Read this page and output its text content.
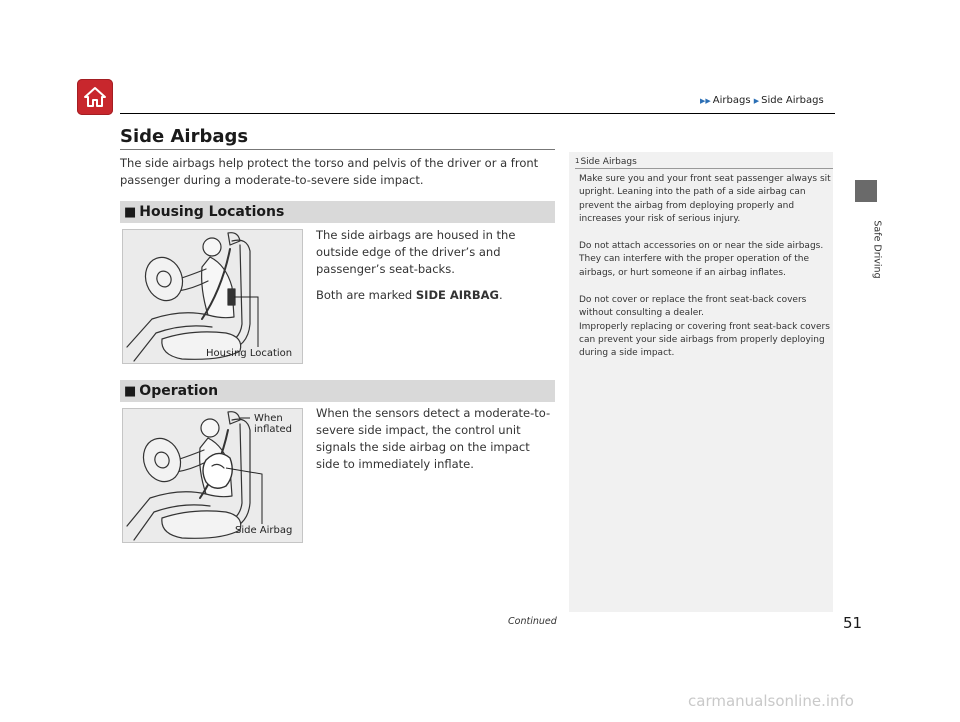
▶▶ Airbags ▶ Side Airbags
Side Airbags
The side airbags help protect the torso and pelvis of the driver or a front passenger during a moderate-to-severe side impact.
■ Housing Locations
Housing Location
The side airbags are housed in the outside edge of the driver’s and passenger’s seat-backs.
Both are marked SIDE AIRBAG.
■ Operation
When inflated
Side Airbag
When the sensors detect a moderate-to-severe side impact, the control unit signals the side airbag on the impact side to immediately inflate.
1Side Airbags
Make sure you and your front seat passenger always sit upright. Leaning into the path of a side airbag can prevent the airbag from deploying properly and increases your risk of serious injury.
Do not attach accessories on or near the side airbags. They can interfere with the proper operation of the airbags, or hurt someone if an airbag inflates.
Do not cover or replace the front seat-back covers without consulting a dealer.
Improperly replacing or covering front seat-back covers can prevent your side airbags from properly deploying during a side impact.
Safe Driving
Continued	51
carmanualsonline.info
